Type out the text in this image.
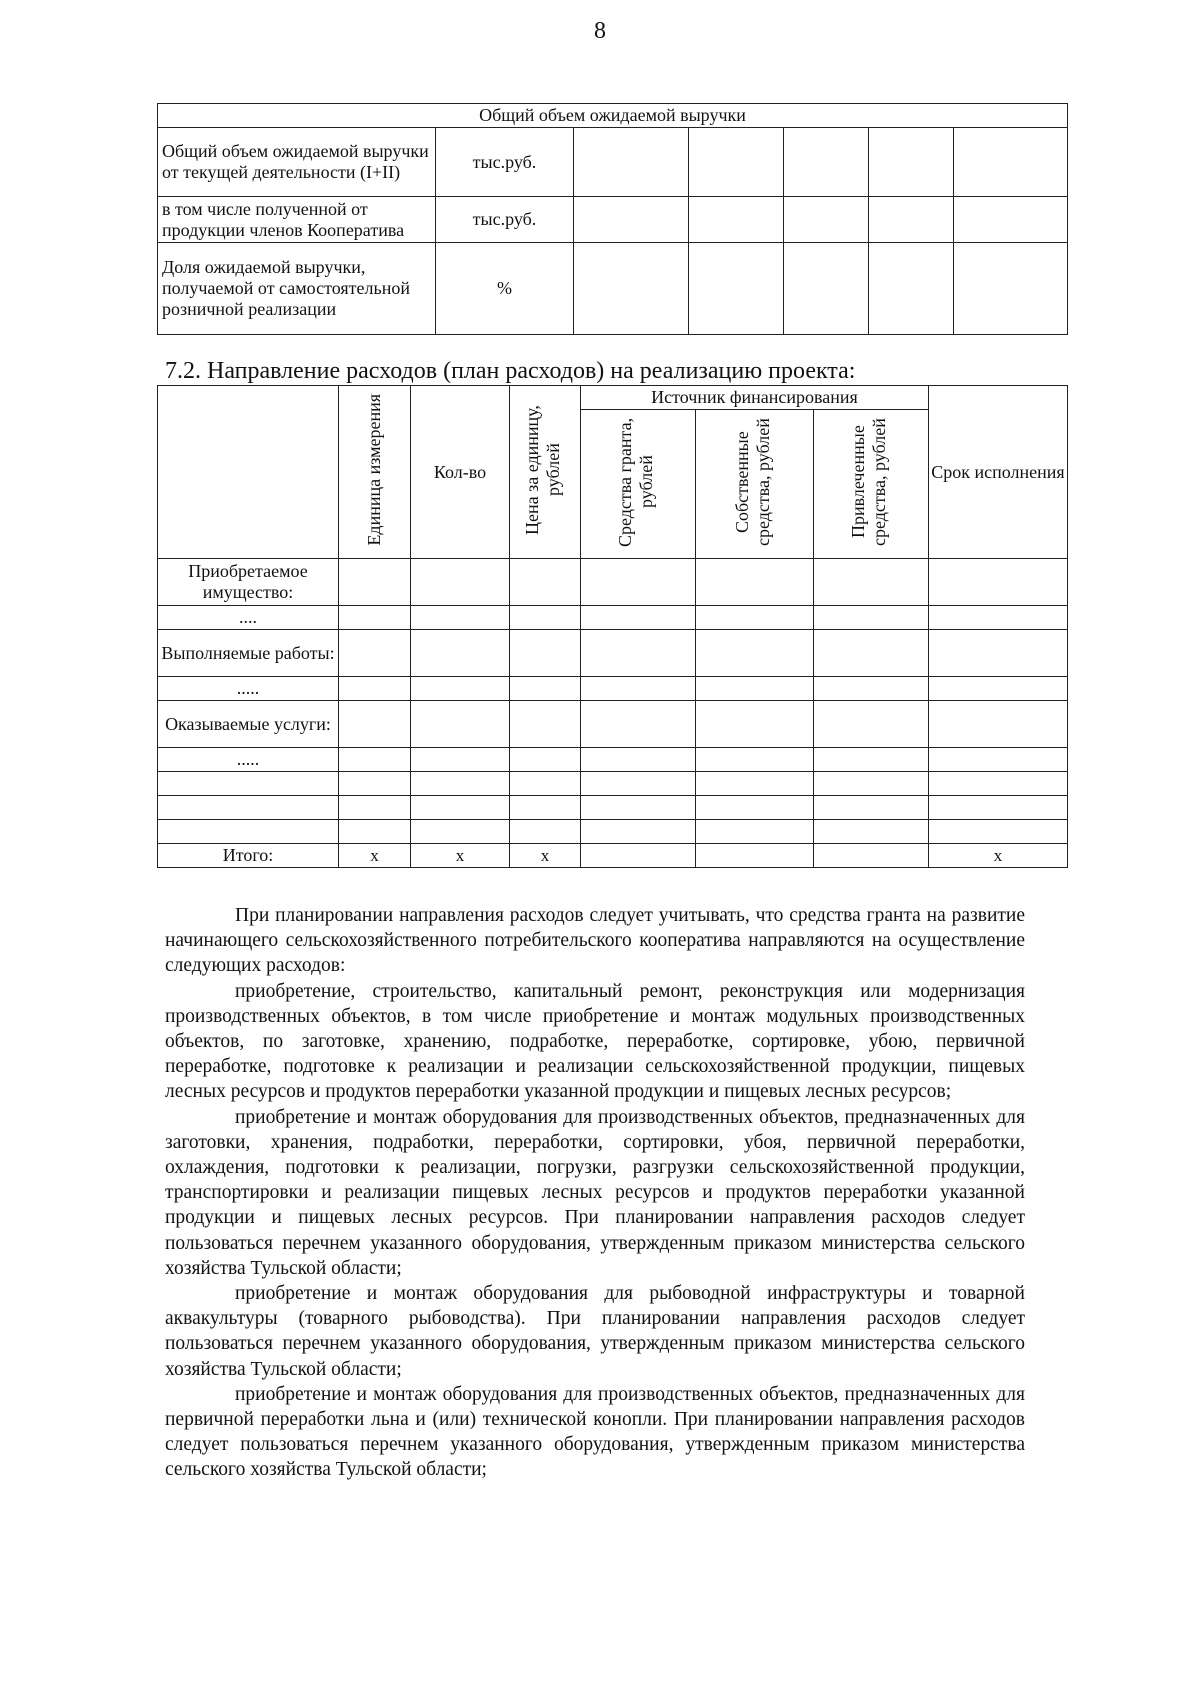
8
Общий объем ожидаемой выручки						
Общий объем ожидаемой выручки от текущей деятельности (I+II)	тыс.руб.					
в том числе полученной от продукции членов Кооператива	тыс.руб.					
Доля ожидаемой выручки, получаемой от самостоятельной розничной реализации	%					
7.2. Направление расходов (план расходов) на реализацию проекта:
	Единица измерения	Кол-во	Цена за единицу, рублей	Источник финансирования			Срок исполнения
				Средства гранта, рублей	Собственные средства, рублей	Привлеченные средства, рублей	
Приобретаемое имущество:							
....							
Выполняемые работы:							
.....							
Оказываемые услуги:							
.....							

Итого:	x	x	x				x

При планировании направления расходов следует учитывать, что средства гранта на развитие начинающего сельскохозяйственного потребительского кооператива направляются на осуществление следующих расходов:

приобретение, строительство, капитальный ремонт, реконструкция или модернизация производственных объектов, в том числе приобретение и монтаж модульных производственных объектов, по заготовке, хранению, подработке, переработке, сортировке, убою, первичной переработке, подготовке к реализации и реализации сельскохозяйственной продукции, пищевых лесных ресурсов и продуктов переработки указанной продукции и пищевых лесных ресурсов;

приобретение и монтаж оборудования для производственных объектов, предназначенных для заготовки, хранения, подработки, переработки, сортировки, убоя, первичной переработки, охлаждения, подготовки к реализации, погрузки, разгрузки сельскохозяйственной продукции, транспортировки и реализации пищевых лесных ресурсов и продуктов переработки указанной продукции и пищевых лесных ресурсов. При планировании направления расходов следует пользоваться перечнем указанного оборудования, утвержденным приказом министерства сельского хозяйства Тульской области;

приобретение и монтаж оборудования для рыбоводной инфраструктуры и товарной аквакультуры (товарного рыбоводства). При планировании направления расходов следует пользоваться перечнем указанного оборудования, утвержденным приказом министерства сельского хозяйства Тульской области;

приобретение и монтаж оборудования для производственных объектов, предназначенных для первичной переработки льна и (или) технической конопли. При планировании направления расходов следует пользоваться перечнем указанного оборудования, утвержденным приказом министерства сельского хозяйства Тульской области;
